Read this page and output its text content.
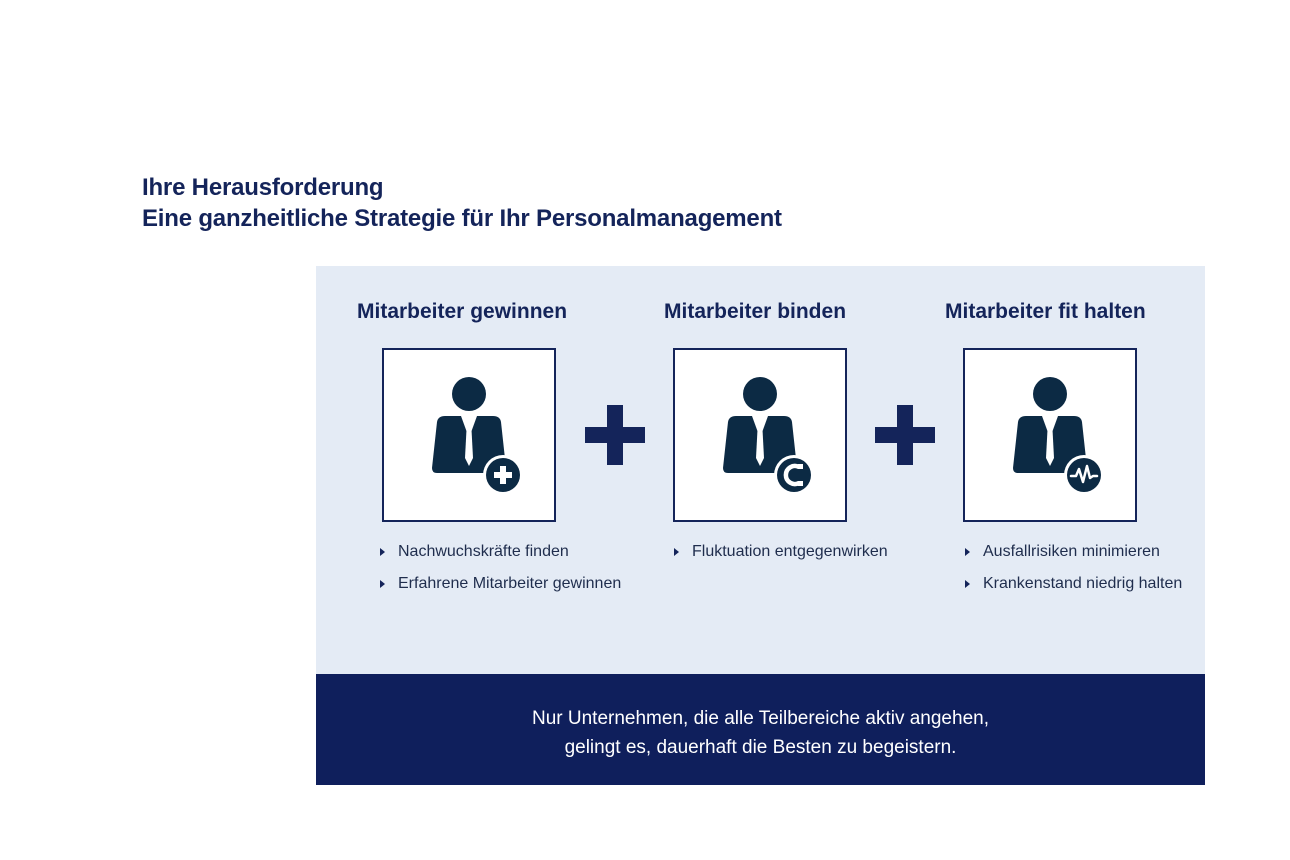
Ihre Herausforderung
Eine ganzheitliche Strategie für Ihr Personalmanagement
Mitarbeiter gewinnen
Nachwuchskräfte finden
Erfahrene Mitarbeiter gewinnen
Mitarbeiter binden
Fluktuation entgegenwirken
Mitarbeiter fit halten
Ausfallrisiken minimieren
Krankenstand niedrig halten
Nur Unternehmen, die alle Teilbereiche aktiv angehen,
gelingt es, dauerhaft die Besten zu begeistern.
